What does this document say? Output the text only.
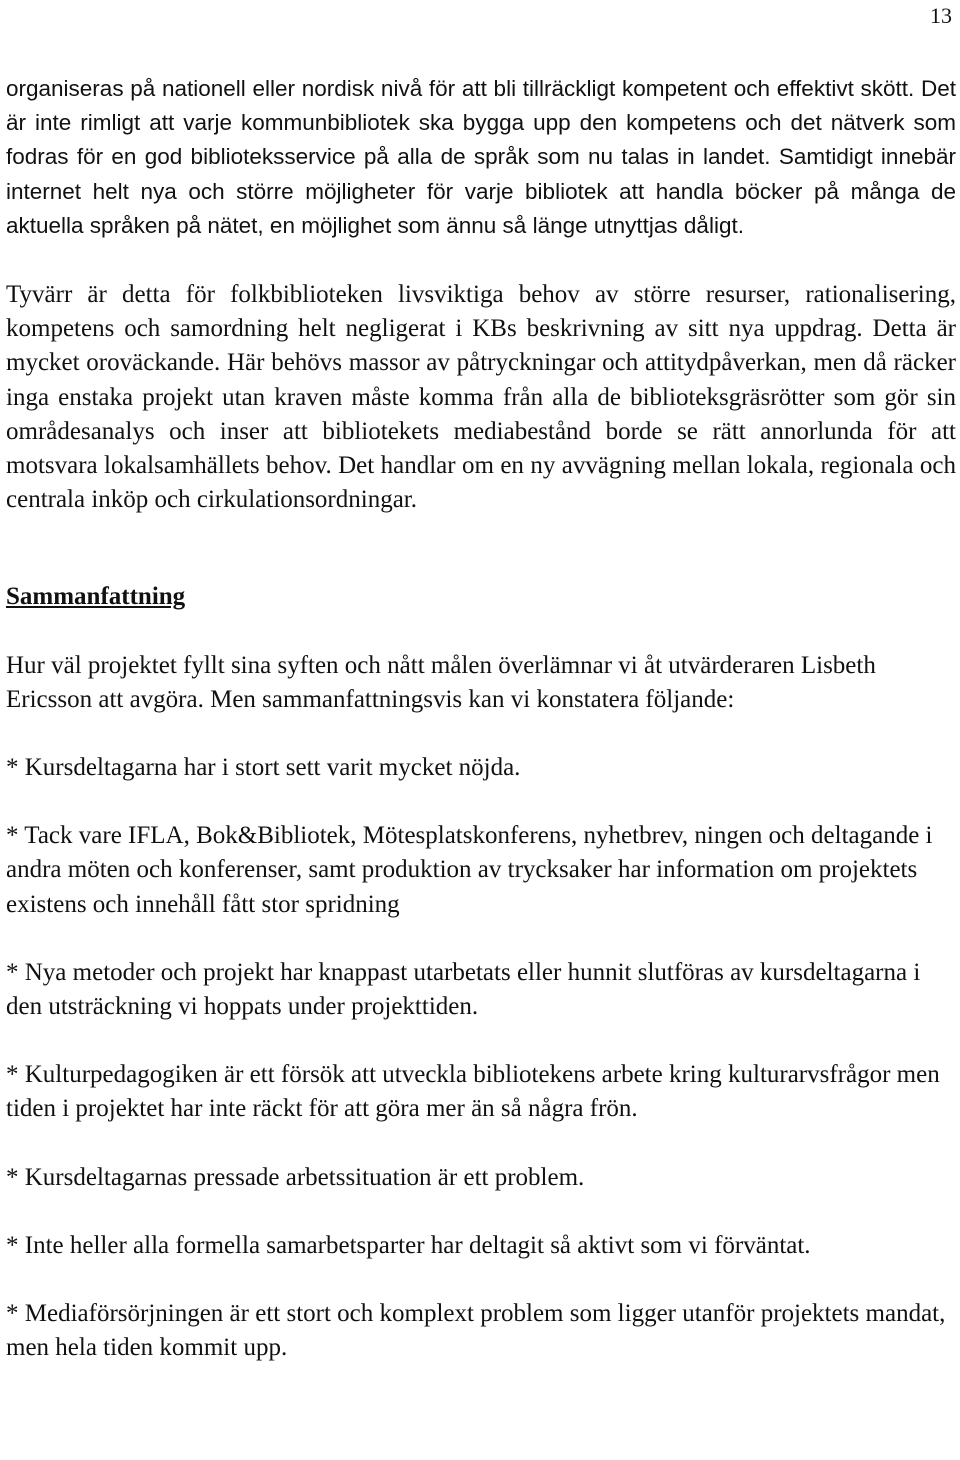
13

organiseras på nationell eller nordisk nivå för att bli tillräckligt kompetent och effektivt skött. Det är inte rimligt att varje kommunbibliotek ska bygga upp den kompetens och det nätverk som fodras för en god biblioteksservice på alla de språk som nu talas in landet. Samtidigt innebär internet helt nya och större möjligheter för varje bibliotek att handla böcker på många de aktuella språken på nätet, en möjlighet som ännu så länge utnyttjas dåligt.

Tyvärr är detta för folkbiblioteken livsviktiga behov av större resurser, rationalisering, kompetens och samordning helt negligerat i KBs beskrivning av sitt nya uppdrag. Detta är mycket oroväckande. Här behövs massor av påtryckningar och attitydpåverkan, men då räcker inga enstaka projekt utan kraven måste komma från alla de biblioteksgräsrötter som gör sin områdesanalys och inser att bibliotekets mediabestånd borde se rätt annorlunda för att motsvara lokalsamhällets behov. Det handlar om en ny avvägning mellan lokala, regionala och centrala inköp och cirkulationsordningar.

Sammanfattning

Hur väl projektet fyllt sina syften och nått målen överlämnar vi åt utvärderaren Lisbeth Ericsson att avgöra. Men sammanfattningsvis kan vi konstatera följande:

* Kursdeltagarna har i stort sett varit mycket nöjda.

* Tack vare IFLA, Bok&Bibliotek, Mötesplatskonferens, nyhetbrev, ningen och deltagande i andra möten och konferenser, samt produktion av trycksaker har information om projektets existens och innehåll fått stor spridning

* Nya metoder och projekt har knappast utarbetats eller hunnit slutföras av kursdeltagarna i den utsträckning vi hoppats under projekttiden.

* Kulturpedagogiken är ett försök att utveckla bibliotekens arbete kring kulturarvsfrågor men tiden i projektet har inte räckt för att göra mer än så några frön.

* Kursdeltagarnas pressade arbetssituation är ett problem.

* Inte heller alla formella samarbetsparter har deltagit så aktivt som vi förväntat.

* Mediaförsörjningen är ett stort och komplext problem som ligger utanför projektets mandat, men hela tiden kommit upp.
